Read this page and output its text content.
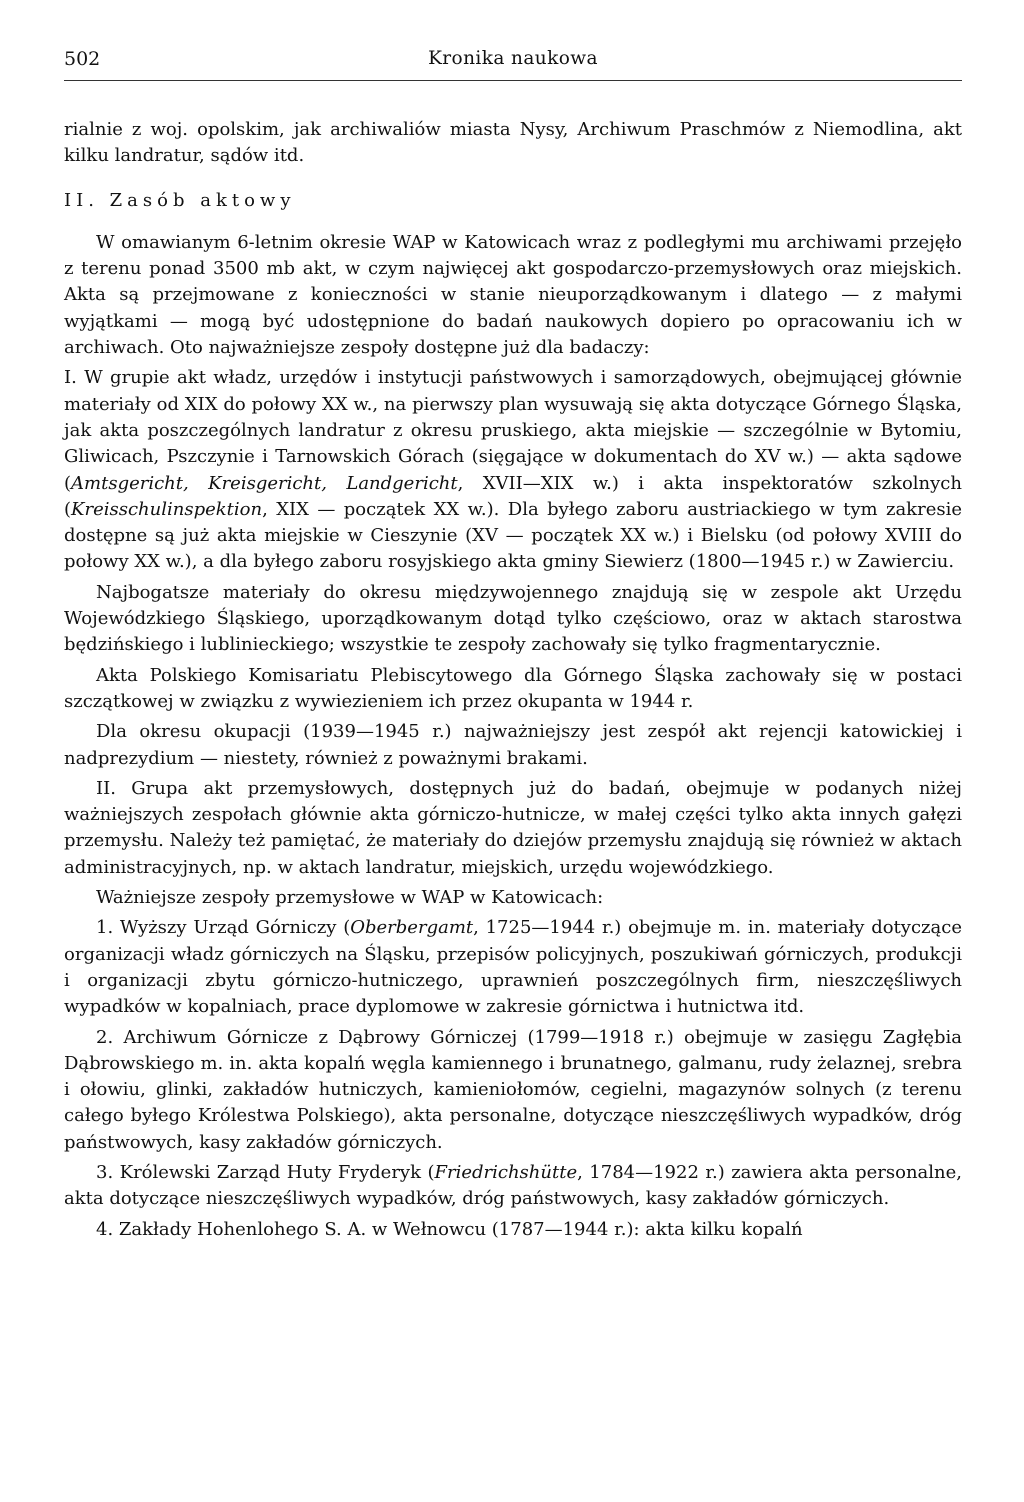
502	Kronika naukowa

rialnie z woj. opolskim, jak archiwaliów miasta Nysy, Archiwum Praschmów z Niemodlina, akt kilku landratur, sądów itd.

II. Zasób aktowy

W omawianym 6-letnim okresie WAP w Katowicach wraz z podległymi mu archiwami przejęło z terenu ponad 3500 mb akt, w czym najwięcej akt gospodarczo-przemysłowych oraz miejskich. Akta są przejmowane z konieczności w stanie nieuporządkowanym i dlatego — z małymi wyjątkami — mogą być udostępnione do badań naukowych dopiero po opracowaniu ich w archiwach. Oto najważniejsze zespoły dostępne już dla badaczy:

I. W grupie akt władz, urzędów i instytucji państwowych i samorządowych, obejmującej głównie materiały od XIX do połowy XX w., na pierwszy plan wysuwają się akta dotyczące Górnego Śląska, jak akta poszczególnych landratur z okresu pruskiego, akta miejskie — szczególnie w Bytomiu, Gliwicach, Pszczynie i Tarnowskich Górach (sięgające w dokumentach do XV w.) — akta sądowe (Amtsgericht, Kreisgericht, Landgericht, XVII—XIX w.) i akta inspektoratów szkolnych (Kreisschulinspektion, XIX — początek XX w.). Dla byłego zaboru austriackiego w tym zakresie dostępne są już akta miejskie w Cieszynie (XV — początek XX w.) i Bielsku (od połowy XVIII do połowy XX w.), a dla byłego zaboru rosyjskiego akta gminy Siewierz (1800—1945 r.) w Zawierciu.

Najbogatsze materiały do okresu międzywojennego znajdują się w zespole akt Urzędu Wojewódzkiego Śląskiego, uporządkowanym dotąd tylko częściowo, oraz w aktach starostwa będzińskiego i lublinieckiego; wszystkie te zespoły zachowały się tylko fragmentarycznie.

Akta Polskiego Komisariatu Plebiscytowego dla Górnego Śląska zachowały się w postaci szczątkowej w związku z wywiezieniem ich przez okupanta w 1944 r.

Dla okresu okupacji (1939—1945 r.) najważniejszy jest zespół akt rejencji katowickiej i nadprezydium — niestety, również z poważnymi brakami.

II. Grupa akt przemysłowych, dostępnych już do badań, obejmuje w podanych niżej ważniejszych zespołach głównie akta górniczo-hutnicze, w małej części tylko akta innych gałęzi przemysłu. Należy też pamiętać, że materiały do dziejów przemysłu znajdują się również w aktach administracyjnych, np. w aktach landratur, miejskich, urzędu wojewódzkiego.

Ważniejsze zespoły przemysłowe w WAP w Katowicach:

1. Wyższy Urząd Górniczy (Oberbergamt, 1725—1944 r.) obejmuje m. in. materiały dotyczące organizacji władz górniczych na Śląsku, przepisów policyjnych, poszukiwań górniczych, produkcji i organizacji zbytu górniczo-hutniczego, uprawnień poszczególnych firm, nieszczęśliwych wypadków w kopalniach, prace dyplomowe w zakresie górnictwa i hutnictwa itd.

2. Archiwum Górnicze z Dąbrowy Górniczej (1799—1918 r.) obejmuje w zasięgu Zagłębia Dąbrowskiego m. in. akta kopalń węgla kamiennego i brunatnego, galmanu, rudy żelaznej, srebra i ołowiu, glinki, zakładów hutniczych, kamieniołomów, cegielni, magazynów solnych (z terenu całego byłego Królestwa Polskiego), akta personalne, dotyczące nieszczęśliwych wypadków, dróg państwowych, kasy zakładów górniczych.

3. Królewski Zarząd Huty Fryderyk (Friedrichshütte, 1784—1922 r.) zawiera akta personalne, akta dotyczące nieszczęśliwych wypadków, dróg państwowych, kasy zakładów górniczych.

4. Zakłady Hohenlohego S. A. w Wełnowcu (1787—1944 r.): akta kilku kopalń
